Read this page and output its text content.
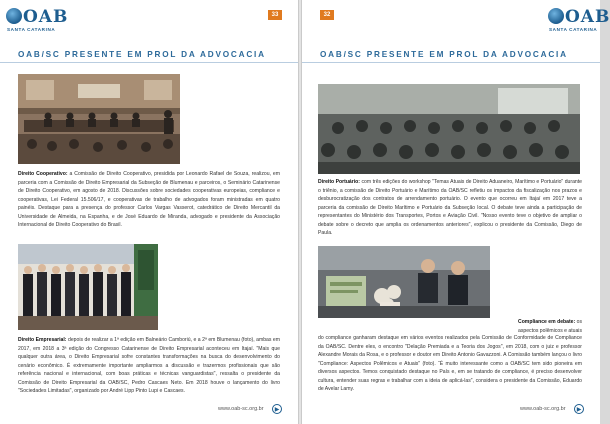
OAB
SANTA CATARINA
33
OAB/SC PRESENTE EM PROL DA ADVOCACIA

Direito Cooperativo: a Comissão de Direito Cooperativo, presidida por Leonardo Rafael de Souza, realizou, em parceria com a Comissão de Direito Empresarial da Subseção de Blumenau e parceiros, o Seminário Catarinense de Direito Cooperativo, em agosto de 2018. Discussões sobre sociedades cooperativas europeias, compliance e cooperativas, Lei Federal 15.506/17, e cooperativas de trabalho de advogados foram ministradas em quatro painéis. Destaque para a presença do professor Carlos Vargas Vasserot, catedrático de Direito Mercantil da Universidade de Almeida, na Espanha, e de José Eduardo de Miranda, advogado e presidente da Associação Internacional de Direito Cooperativo do Brasil.

Direito Empresarial: depois de realizar a 1ª edição em Balneário Camboriú, e a 2ª em Blumenau (foto), ambas em 2017, em 2018 a 3ª edição do Congresso Catarinense de Direito Empresarial aconteceu em Itajaí. "Mais que qualquer outra área, o Direito Empresarial sofre constantes transformações na busca do desenvolvimento do cenário econômico. É extremamente importante ampliarmos a discussão e trazermos profissionais que são referência nacional e internacional, com boas práticas e técnicas vanguardistas", ressalta o presidente da Comissão de Direito Empresarial da OAB/SC, Pedro Cascaes Neto. Em 2018 houve o lançamento do livro "Sociedades Limitadas", organizado por André Lipp Pinto Lupi e Cascaes.

www.oab-sc.org.br	▶
32	OAB
SANTA CATARINA
OAB/SC PRESENTE EM PROL DA ADVOCACIA

Direito Portuário: com três edições do workshop "Temas Atuais de Direito Aduaneiro, Marítimo e Portuário" durante o triênio, a comissão de Direito Portuário e Marítimo da OAB/SC refletiu os impactos da fiscalização nos prazos e desburocratização dos contratos de arrendamento portuário. O evento que ocorreu em Itajaí em 2017 teve a parceria da comissão de Direito Marítimo e Portuário da Subseção local. O debate teve ainda a participação de representantes do Ministério dos Transportes, Portos e Aviação Civil. "Nosso evento teve o objetivo de ampliar o debate sobre o decreto que amplia os ordenamentos anteriores", explicou o presidente da Comissão, Diego de Paula.

Compliance em debate: os aspectos polêmicos e atuais

do compliance ganharam destaque em vários eventos realizados pela Comissão de Conformidade de Compliance da OAB/SC. Dentre eles, o encontro "Delação Premiada e a Teoria dos Jogos", em 2018, com o juiz e professor Alexandre Morais da Rosa, e o professor e doutor em Direito Antonio Gavazzoni. A Comissão também lançou o livro "Compliance: Aspectos Polêmicos e Atuais" (foto). “É muito interessante como a OAB/SC tem sido pioneira em diversos aspectos. Temos conquistado destaque no País e, em se tratando de compliance, é preciso desenvolver cultura, entender suas regras e trabalhar com a ideia de aplicá-las”, considera o presidente da Comissão, Eduardo de Avelar Lamy.

www.oab-sc.org.br	▶
